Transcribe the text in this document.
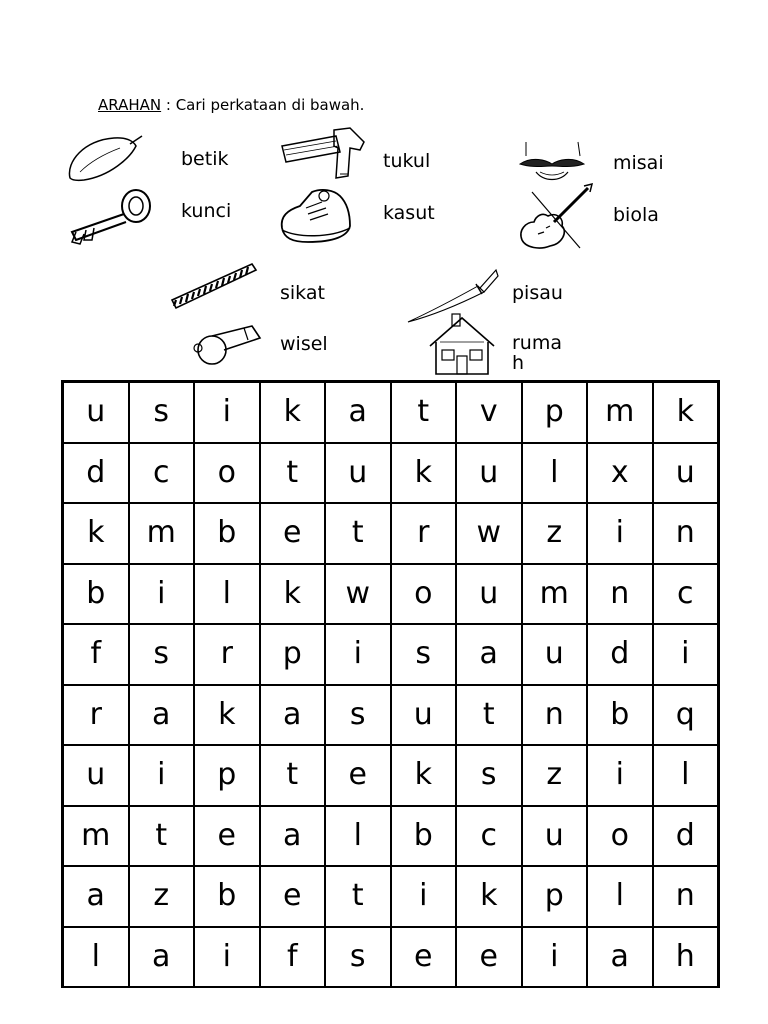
ARAHAN : Cari perkataan di bawah.
betik	tukul	misai
kunci	kasut	biola
sikat	pisau
wisel	ruma
h
u	s	i	k	a	t	v	p	m	k
d	c	o	t	u	k	u	l	x	u
k	m	b	e	t	r	w	z	i	n
b	i	l	k	w	o	u	m	n	c
f	s	r	p	i	s	a	u	d	i
r	a	k	a	s	u	t	n	b	q
u	i	p	t	e	k	s	z	i	l
m	t	e	a	l	b	c	u	o	d
a	z	b	e	t	i	k	p	l	n
l	a	i	f	s	e	e	i	a	h
